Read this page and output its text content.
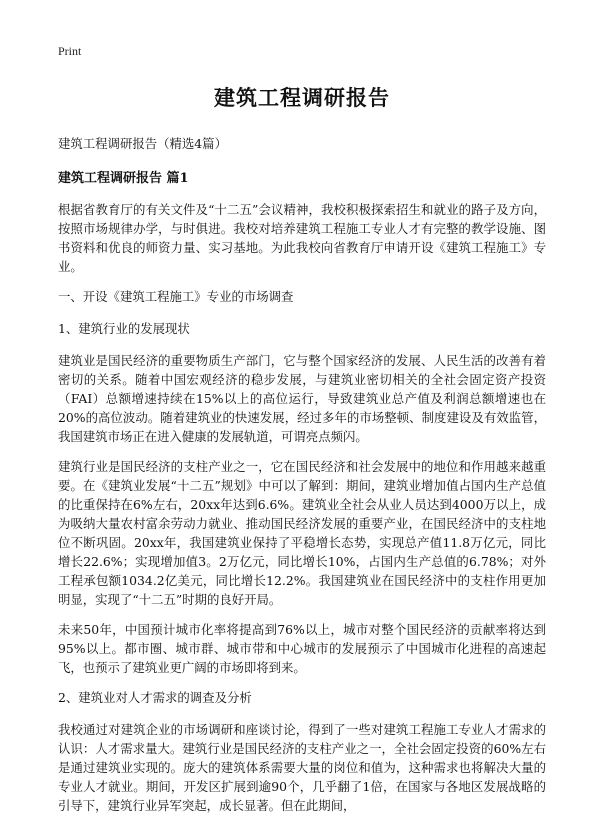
Print
建筑工程调研报告
建筑工程调研报告（精选4篇）
建筑工程调研报告 篇1

根据省教育厅的有关文件及“十二五”会议精神，我校积极探索招生和就业的路子及方向，按照市场规律办学，与时俱进。我校对培养建筑工程施工专业人才有完整的教学设施、图书资料和优良的师资力量、实习基地。为此我校向省教育厅申请开设《建筑工程施工》专业。

一、开设《建筑工程施工》专业的市场调查
1、建筑行业的发展现状

建筑业是国民经济的重要物质生产部门，它与整个国家经济的发展、人民生活的改善有着密切的关系。随着中国宏观经济的稳步发展，与建筑业密切相关的全社会固定资产投资（FAI）总额增速持续在15%以上的高位运行，导致建筑业总产值及利润总额增速也在20%的高位波动。随着建筑业的快速发展，经过多年的市场整顿、制度建设及有效监管，我国建筑市场正在进入健康的发展轨道，可谓亮点频闪。

建筑行业是国民经济的支柱产业之一，它在国民经济和社会发展中的地位和作用越来越重要。在《建筑业发展“十二五”规划》中可以了解到：期间，建筑业增加值占国内生产总值的比重保持在6%左右，20xx年达到6.6%。建筑业全社会从业人员达到4000万以上，成为吸纳大量农村富余劳动力就业、推动国民经济发展的重要产业，在国民经济中的支柱地位不断巩固。20xx年，我国建筑业保持了平稳增长态势，实现总产值11.8万亿元，同比增长22.6%；实现增加值3。2万亿元，同比增长10%，占国内生产总值的6.78%；对外工程承包额1034.2亿美元，同比增长12.2%。我国建筑业在国民经济中的支柱作用更加明显，实现了“十二五”时期的良好开局。

未来50年，中国预计城市化率将提高到76%以上，城市对整个国民经济的贡献率将达到95%以上。都市圈、城市群、城市带和中心城市的发展预示了中国城市化进程的高速起飞，也预示了建筑业更广阔的市场即将到来。

2、建筑业对人才需求的调查及分析

我校通过对建筑企业的市场调研和座谈讨论，得到了一些对建筑工程施工专业人才需求的认识：人才需求量大。建筑行业是国民经济的支柱产业之一，全社会固定投资的60%左右是通过建筑业实现的。庞大的建筑体系需要大量的岗位和值为，这种需求也将解决大量的专业人才就业。期间，开发区扩展到逾90个，几乎翻了1倍，在国家与各地区发展战略的引导下，建筑行业异军突起，成长显著。但在此期间，
